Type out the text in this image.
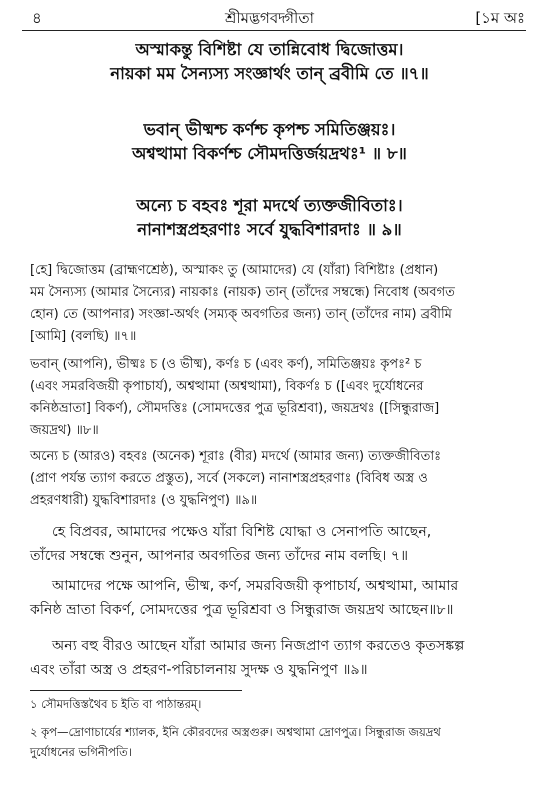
৪	শ্রীমদ্ভগবদ্গীতা	[১ম অঃ
অস্মাকন্তু বিশিষ্টা যে তান্নিবোধ দ্বিজোত্তম।
নায়কা মম সৈন্যস্য সংজ্ঞার্থং তান্ ব্রবীমি তে ॥৭॥
ভবান্ ভীষ্মশ্চ কর্ণশ্চ কৃপশ্চ সমিতিঞ্জয়ঃ।
অশ্বত্থামা বিকর্ণশ্চ সৌমদত্তির্জয়দ্রথঃ¹ ॥ ৮॥
অন্যে চ বহবঃ শূরা মদর্থে ত্যক্তজীবিতাঃ।
নানাশস্ত্রপ্রহরণাঃ সর্বে যুদ্ধবিশারদাঃ ॥ ৯॥
[হে] দ্বিজোত্তম (ব্রাহ্মণশ্রেষ্ঠ), অস্মাকং তু (আমাদের) যে (যাঁরা) বিশিষ্টাঃ (প্রধান)
মম সৈন্যস্য (আমার সৈন্যের) নায়কাঃ (নায়ক) তান্ (তাঁদের সম্বন্ধে) নিবোধ (অবগত
হোন) তে (আপনার) সংজ্ঞা-অর্থং (সম্যক্ অবগতির জন্য) তান্ (তাঁদের নাম) ব্রবীমি
[আমি] (বলছি) ॥৭॥
ভবান্ (আপনি), ভীষ্মঃ চ (ও ভীষ্ম), কর্ণঃ চ (এবং কর্ণ), সমিতিঞ্জয়ঃ কৃপঃ² চ
(এবং সমরবিজয়ী কৃপাচার্য), অশ্বত্থামা (অশ্বত্থামা), বিকর্ণঃ চ ([এবং দুর্যোধনের
কনিষ্ঠভ্রাতা] বিকর্ণ), সৌমদত্তিঃ (সোমদত্তের পুত্র ভূরিশ্রবা), জয়দ্রথঃ ([সিন্ধুরাজ]
জয়দ্রথ) ॥৮॥
অন্যে চ (আরও) বহবঃ (অনেক) শূরাঃ (বীর) মদর্থে (আমার জন্য) ত্যক্তজীবিতাঃ
(প্রাণ পর্যন্ত ত্যাগ করতে প্রস্তুত), সর্বে (সকলে) নানাশস্ত্রপ্রহরণাঃ (বিবিধ অস্ত্র ও
প্রহরণধারী) যুদ্ধবিশারদাঃ (ও যুদ্ধনিপুণ) ॥৯॥
হে বিপ্রবর, আমাদের পক্ষেও যাঁরা বিশিষ্ট যোদ্ধা ও সেনাপতি আছেন,
তাঁদের সম্বন্ধে শুনুন, আপনার অবগতির জন্য তাঁদের নাম বলছি। ৭॥
আমাদের পক্ষে আপনি, ভীষ্ম, কর্ণ, সমরবিজয়ী কৃপাচার্য, অশ্বত্থামা, আমার
কনিষ্ঠ ভ্রাতা বিকর্ণ, সোমদত্তের পুত্র ভূরিশ্রবা ও সিন্ধুরাজ জয়দ্রথ আছেন॥৮॥
অন্য বহু বীরও আছেন যাঁরা আমার জন্য নিজপ্রাণ ত্যাগ করতেও কৃতসঙ্কল্প
এবং তাঁরা অস্ত্র ও প্রহরণ-পরিচালনায় সুদক্ষ ও যুদ্ধনিপুণ ॥৯॥
১ সৌমদত্তিস্তথৈব চ ইতি বা পাঠান্তরম্।
২ কৃপ—দ্রোণাচার্যের শ্যালক, ইনি কৌরবদের অস্ত্রগুরু। অশ্বত্থামা দ্রোণপুত্র। সিন্ধুরাজ জয়দ্রথ
দুর্যোধনের ভগিনীপতি।
